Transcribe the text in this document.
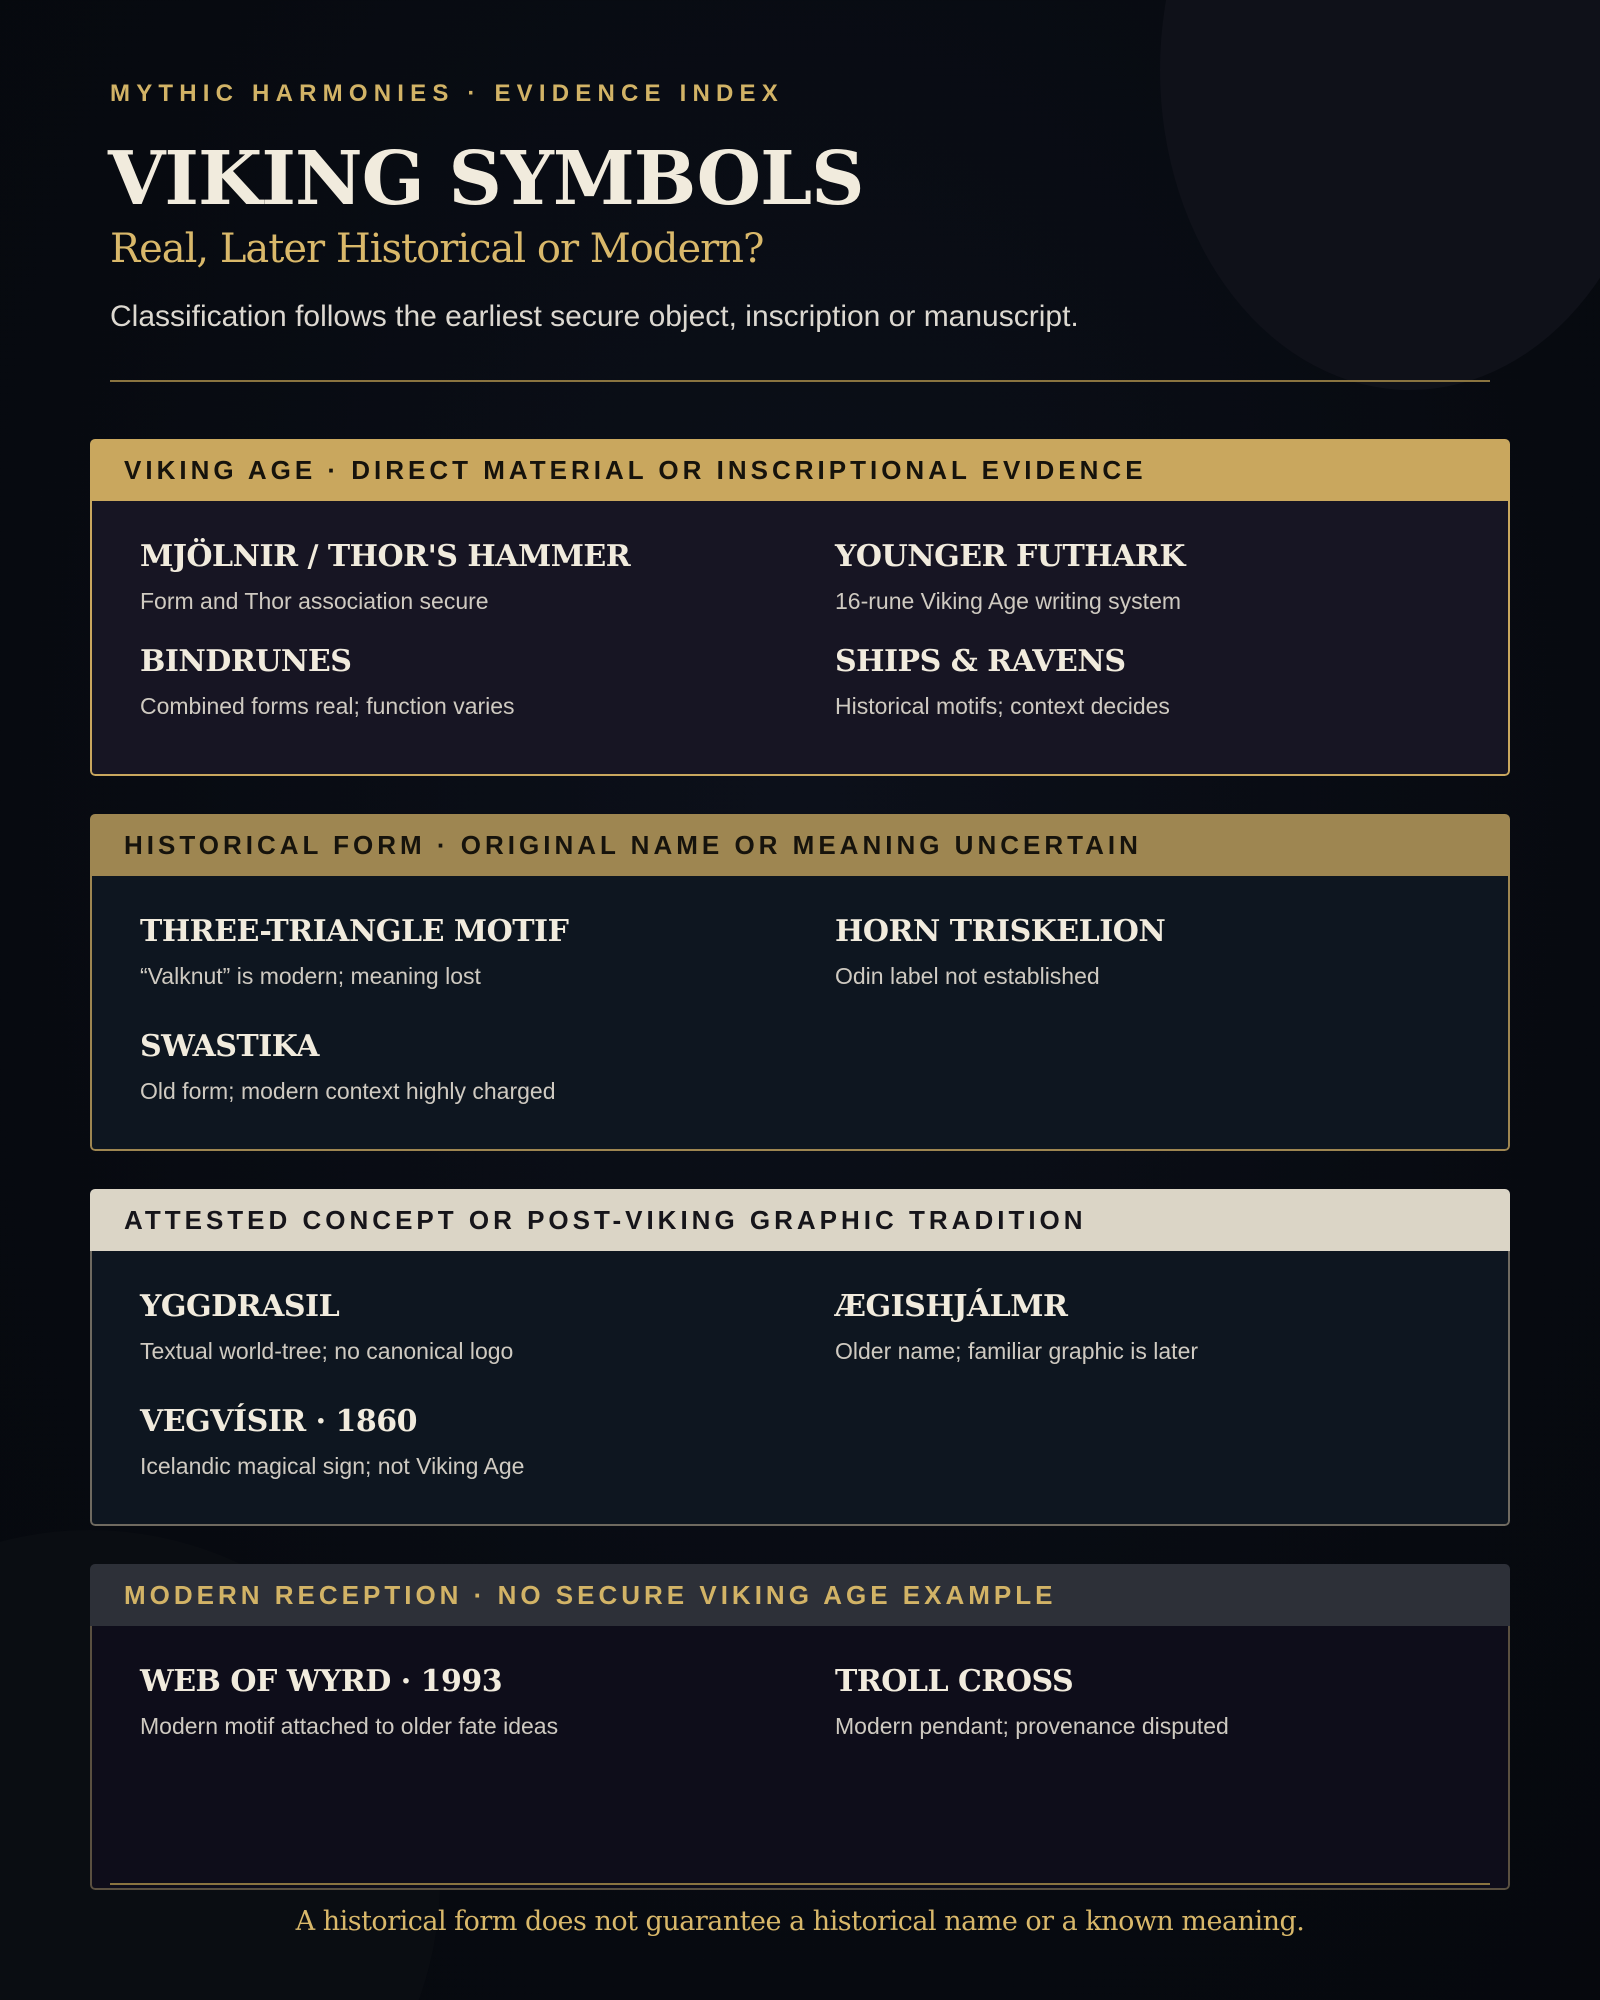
MYTHIC HARMONIES · EVIDENCE INDEX
VIKING SYMBOLS
Real, Later Historical or Modern?
Classification follows the earliest secure object, inscription or manuscript.
VIKING AGE · DIRECT MATERIAL OR INSCRIPTIONAL EVIDENCE
MJÖLNIR / THOR'S HAMMER
Form and Thor association secure
YOUNGER FUTHARK
16-rune Viking Age writing system
BINDRUNES
Combined forms real; function varies
SHIPS & RAVENS
Historical motifs; context decides
HISTORICAL FORM · ORIGINAL NAME OR MEANING UNCERTAIN
THREE-TRIANGLE MOTIF
“Valknut” is modern; meaning lost
HORN TRISKELION
Odin label not established
SWASTIKA
Old form; modern context highly charged
ATTESTED CONCEPT OR POST-VIKING GRAPHIC TRADITION
YGGDRASIL
Textual world-tree; no canonical logo
ÆGISHJÁLMR
Older name; familiar graphic is later
VEGVÍSIR · 1860
Icelandic magical sign; not Viking Age
MODERN RECEPTION · NO SECURE VIKING AGE EXAMPLE
WEB OF WYRD · 1993
Modern motif attached to older fate ideas
TROLL CROSS
Modern pendant; provenance disputed
A historical form does not guarantee a historical name or a known meaning.
